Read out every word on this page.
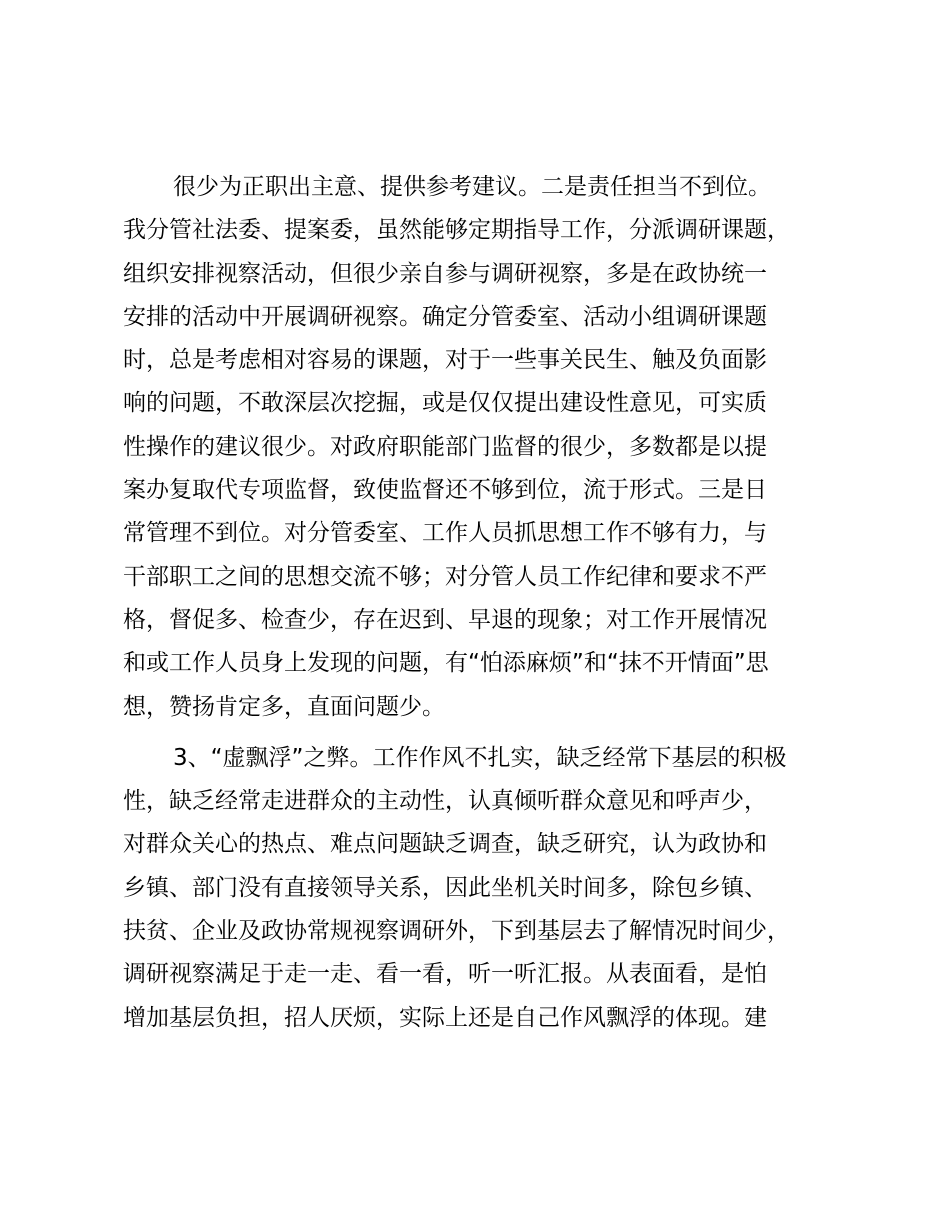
很少为正职出主意、提供参考建议。二是责任担当不到位。
我分管社法委、提案委，虽然能够定期指导工作，分派调研课题，
组织安排视察活动，但很少亲自参与调研视察，多是在政协统一
安排的活动中开展调研视察。确定分管委室、活动小组调研课题
时，总是考虑相对容易的课题，对于一些事关民生、触及负面影
响的问题，不敢深层次挖掘，或是仅仅提出建设性意见，可实质
性操作的建议很少。对政府职能部门监督的很少，多数都是以提
案办复取代专项监督，致使监督还不够到位，流于形式。三是日
常管理不到位。对分管委室、工作人员抓思想工作不够有力，与
干部职工之间的思想交流不够；对分管人员工作纪律和要求不严
格，督促多、检查少，存在迟到、早退的现象；对工作开展情况
和或工作人员身上发现的问题，有“怕添麻烦”和“抹不开情面”思
想，赞扬肯定多，直面问题少。
3、“虚飘浮”之弊。工作作风不扎实，缺乏经常下基层的积极
性，缺乏经常走进群众的主动性，认真倾听群众意见和呼声少，
对群众关心的热点、难点问题缺乏调查，缺乏研究，认为政协和
乡镇、部门没有直接领导关系，因此坐机关时间多，除包乡镇、
扶贫、企业及政协常规视察调研外，下到基层去了解情况时间少，
调研视察满足于走一走、看一看，听一听汇报。从表面看，是怕
增加基层负担，招人厌烦，实际上还是自己作风飘浮的体现。建
